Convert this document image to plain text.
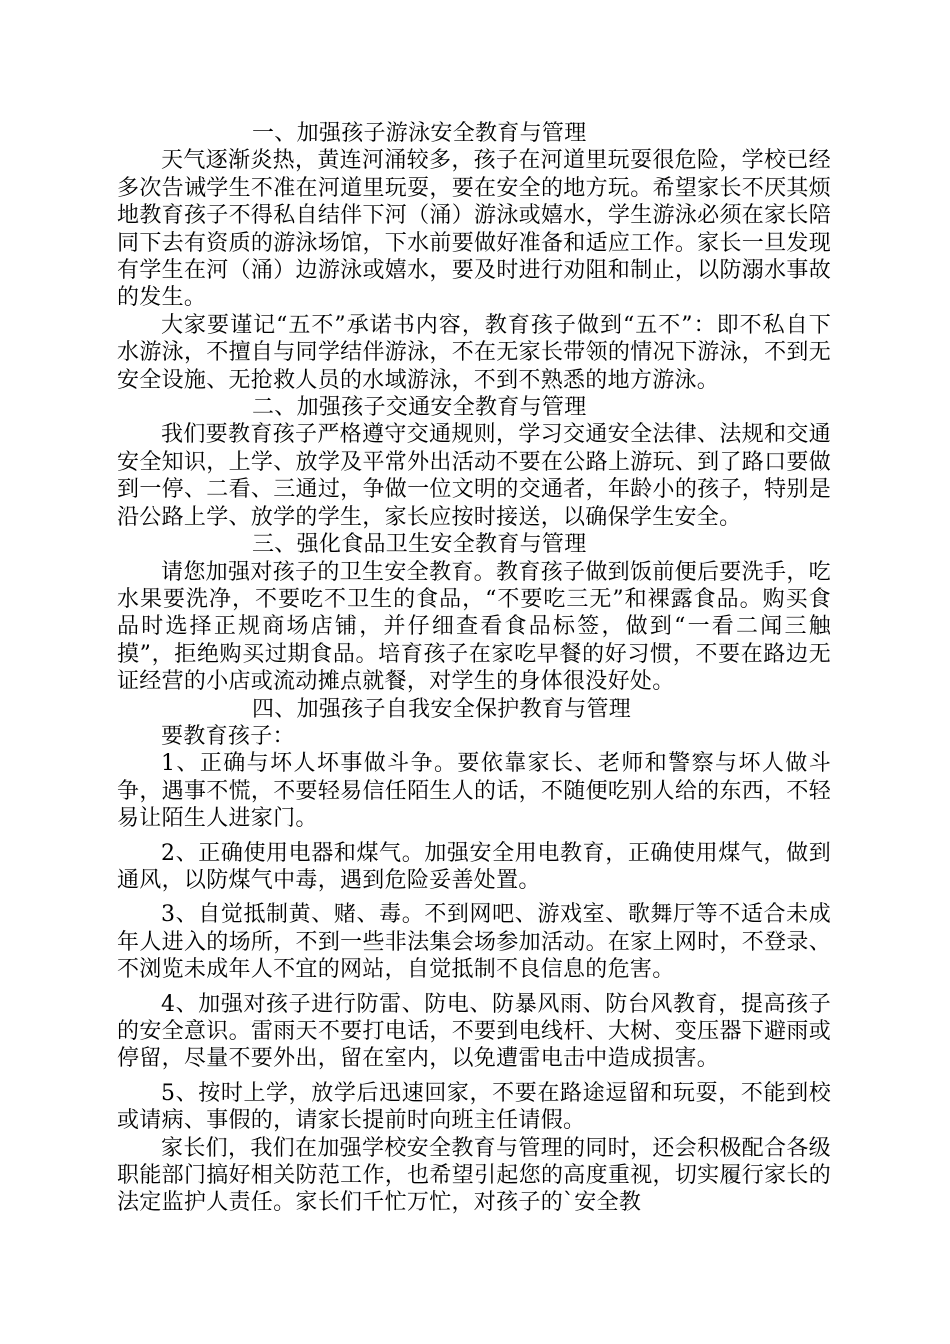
一、加强孩子游泳安全教育与管理

天气逐渐炎热，黄连河涌较多，孩子在河道里玩耍很危险，学校已经多次告诫学生不准在河道里玩耍，要在安全的地方玩。希望家长不厌其烦地教育孩子不得私自结伴下河（涌）游泳或嬉水，学生游泳必须在家长陪同下去有资质的游泳场馆，下水前要做好准备和适应工作。家长一旦发现有学生在河（涌）边游泳或嬉水，要及时进行劝阻和制止，以防溺水事故的发生。

大家要谨记“五不”承诺书内容，教育孩子做到“五不”：即不私自下水游泳，不擅自与同学结伴游泳，不在无家长带领的情况下游泳，不到无安全设施、无抢救人员的水域游泳，不到不熟悉的地方游泳。

二、加强孩子交通安全教育与管理

我们要教育孩子严格遵守交通规则，学习交通安全法律、法规和交通安全知识，上学、放学及平常外出活动不要在公路上游玩、到了路口要做到一停、二看、三通过，争做一位文明的交通者，年龄小的孩子，特别是沿公路上学、放学的学生，家长应按时接送，以确保学生安全。

三、强化食品卫生安全教育与管理

请您加强对孩子的卫生安全教育。教育孩子做到饭前便后要洗手，吃水果要洗净，不要吃不卫生的食品，“不要吃三无”和裸露食品。购买食品时选择正规商场店铺，并仔细查看食品标签，做到“一看二闻三触摸”，拒绝购买过期食品。培育孩子在家吃早餐的好习惯，不要在路边无证经营的小店或流动摊点就餐，对学生的身体很没好处。

四、加强孩子自我安全保护教育与管理

要教育孩子：

1、正确与坏人坏事做斗争。要依靠家长、老师和警察与坏人做斗争，遇事不慌，不要轻易信任陌生人的话，不随便吃别人给的东西，不轻易让陌生人进家门。

2、正确使用电器和煤气。加强安全用电教育，正确使用煤气，做到通风，以防煤气中毒，遇到危险妥善处置。

3、自觉抵制黄、赌、毒。不到网吧、游戏室、歌舞厅等不适合未成年人进入的场所，不到一些非法集会场参加活动。在家上网时，不登录、不浏览未成年人不宜的网站，自觉抵制不良信息的危害。

4、加强对孩子进行防雷、防电、防暴风雨、防台风教育，提高孩子的安全意识。雷雨天不要打电话，不要到电线杆、大树、变压器下避雨或停留，尽量不要外出，留在室内，以免遭雷电击中造成损害。

5、按时上学，放学后迅速回家，不要在路途逗留和玩耍，不能到校或请病、事假的，请家长提前时向班主任请假。

家长们，我们在加强学校安全教育与管理的同时，还会积极配合各级职能部门搞好相关防范工作，也希望引起您的高度重视，切实履行家长的法定监护人责任。家长们千忙万忙，对孩子的`安全教
